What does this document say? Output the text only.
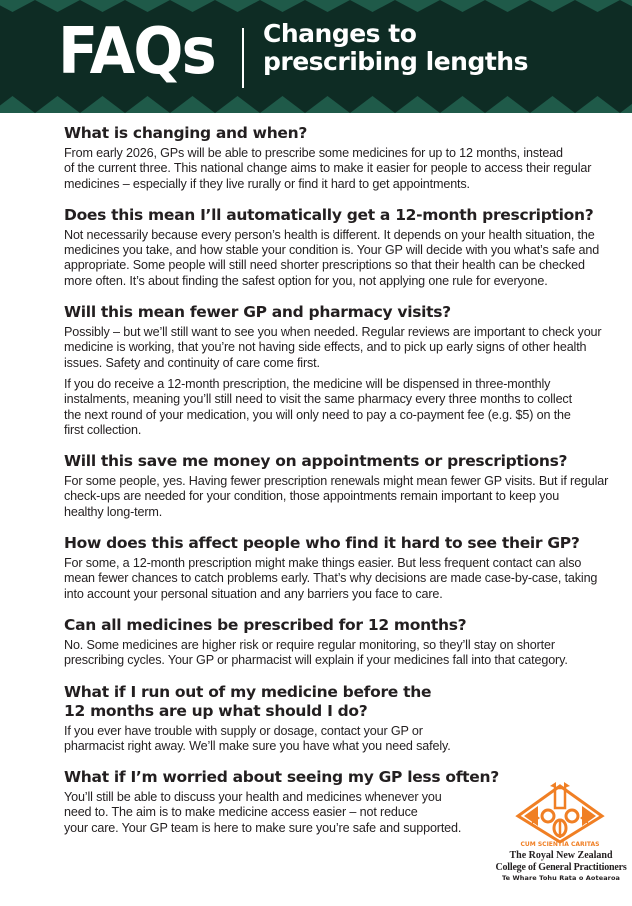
FAQs Changes to
prescribing lengths
What is changing and when?

From early 2026, GPs will be able to prescribe some medicines for up to 12 months, instead
of the current three. This national change aims to make it easier for people to access their regular
medicines – especially if they live rurally or find it hard to get appointments.

Does this mean I’ll automatically get a 12-month prescription?

Not necessarily because every person’s health is different. It depends on your health situation, the
medicines you take, and how stable your condition is. Your GP will decide with you what’s safe and
appropriate. Some people will still need shorter prescriptions so that their health can be checked
more often. It’s about finding the safest option for you, not applying one rule for everyone.

Will this mean fewer GP and pharmacy visits?

Possibly – but we’ll still want to see you when needed. Regular reviews are important to check your
medicine is working, that you’re not having side effects, and to pick up early signs of other health
issues. Safety and continuity of care come first.

If you do receive a 12-month prescription, the medicine will be dispensed in three-monthly
instalments, meaning you’ll still need to visit the same pharmacy every three months to collect
the next round of your medication, you will only need to pay a co-payment fee (e.g. $5) on the
first collection.

Will this save me money on appointments or prescriptions?

For some people, yes. Having fewer prescription renewals might mean fewer GP visits. But if regular
check-ups are needed for your condition, those appointments remain important to keep you
healthy long-term.

How does this affect people who find it hard to see their GP?

For some, a 12-month prescription might make things easier. But less frequent contact can also
mean fewer chances to catch problems early. That’s why decisions are made case-by-case, taking
into account your personal situation and any barriers you face to care.

Can all medicines be prescribed for 12 months?

No. Some medicines are higher risk or require regular monitoring, so they’ll stay on shorter
prescribing cycles. Your GP or pharmacist will explain if your medicines fall into that category.

What if I run out of my medicine before the
12 months are up what should I do?

If you ever have trouble with supply or dosage, contact your GP or
pharmacist right away. We’ll make sure you have what you need safely.

What if I’m worried about seeing my GP less often?

You’ll still be able to discuss your health and medicines whenever you
need to. The aim is to make medicine access easier – not reduce
your care. Your GP team is here to make sure you’re safe and supported.

CUM SCIENTIA CARITAS
The Royal New Zealand
College of General Practitioners
Te Whare Tohu Rata o Aotearoa
